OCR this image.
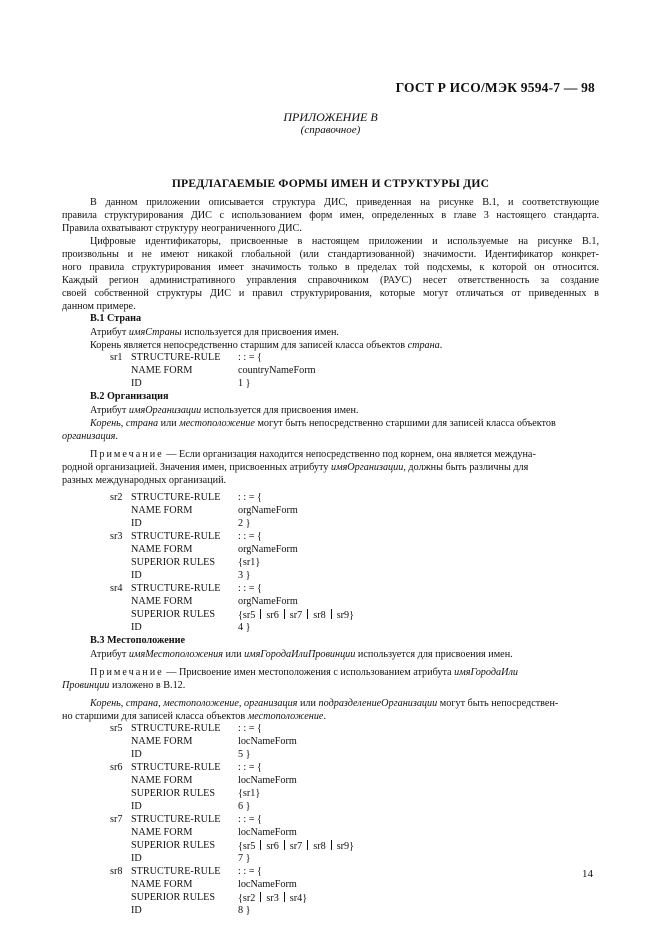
ГОСТ Р ИСО/МЭК 9594-7 — 98
ПРИЛОЖЕНИЕ В
(справочное)
ПРЕДЛАГАЕМЫЕ ФОРМЫ ИМЕН И СТРУКТУРЫ ДИС
В данном приложении описывается структура ДИС, приведенная на рисунке В.1, и соответствующие
правила структурирования ДИС с использованием форм имен, определенных в главе 3 настоящего стандарта.
Правила охватывают структуру неограниченного ДИС.
Цифровые идентификаторы, присвоенные в настоящем приложении и используемые на рисунке В.1,
произвольны и не имеют никакой глобальной (или стандартизованной) значимости. Идентификатор конкрет-
ного правила структурирования имеет значимость только в пределах той подсхемы, к которой он относится.
Каждый регион административного управления справочником (РАУС) несет ответственность за создание
своей собственной структуры ДИС и правил структурирования, которые могут отличаться от приведенных в
данном примере.
В.1 Страна
Атрибут имяСтраны используется для присвоения имен.
Корень является непосредственно старшим для записей класса объектов страна.
sr1 STRUCTURE-RULE : : = {
NAME FORM	countryNameForm
ID	1 }
В.2 Организация
Атрибут имяОрганизации используется для присвоения имен.
Корень, страна или местоположение могут быть непосредственно старшими для записей класса объектов
организация.
Примечание — Если организация находится непосредственно под корнем, она является междуна-
родной организацией. Значения имен, присвоенных атрибуту имяОрганизации, должны быть различны для
разных международных организаций.
sr2 STRUCTURE-RULE : : = {
NAME FORM	orgNameForm
ID	2 }
sr3 STRUCTURE-RULE : : = {
NAME FORM	orgNameForm
SUPERIOR RULES {sr1}
ID	3 }
sr4 STRUCTURE-RULE : : = {
NAME FORM	orgNameForm
SUPERIOR RULES {sr5 sr6 sr7 sr8 sr9}
ID	4 }
В.3 Местоположение
Атрибут имяМестоположения или имяГородаИлиПровинции используется для присвоения имен.
Примечание — Присвоение имен местоположения с использованием атрибута имяГородаИли
Провинции изложено в В.12.
Корень, страна, местоположение, организация или подразделениеОрганизации могут быть непосредствен-
но старшими для записей класса объектов местоположение.
sr5 STRUCTURE-RULE : : = {
NAME FORM	locNameForm
ID	5 }
sr6 STRUCTURE-RULE : : = {
NAME FORM	locNameForm
SUPERIOR RULES {sr1}
ID	6 }
sr7 STRUCTURE-RULE : : = {
NAME FORM	locNameForm
SUPERIOR RULES {sr5 sr6 sr7 sr8 sr9}
ID	7 }
sr8 STRUCTURE-RULE : : = {
NAME FORM	locNameForm
SUPERIOR RULES {sr2 sr3 sr4}
ID	8 }
14
